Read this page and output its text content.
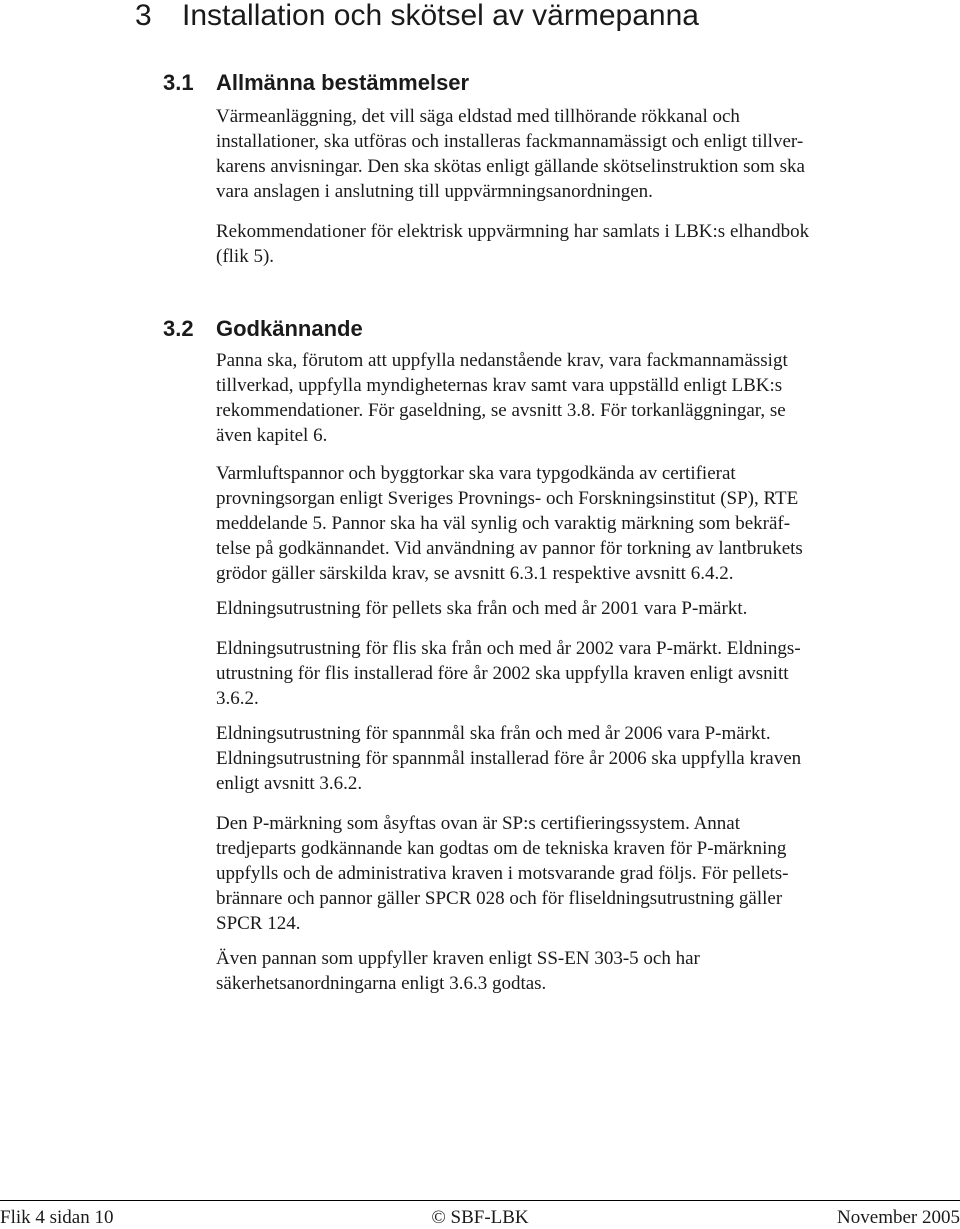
3 Installation och skötsel av värmepanna
3.1 Allmänna bestämmelser

Värmeanläggning, det vill säga eldstad med tillhörande rökkanal och
installationer, ska utföras och installeras fackmannamässigt och enligt tillver-
karens anvisningar. Den ska skötas enligt gällande skötselinstruktion som ska
vara anslagen i anslutning till uppvärmningsanordningen.

Rekommendationer för elektrisk uppvärmning har samlats i LBK:s elhandbok
(flik 5).

3.2 Godkännande

Panna ska, förutom att uppfylla nedanstående krav, vara fackmannamässigt
tillverkad, uppfylla myndigheternas krav samt vara uppställd enligt LBK:s
rekommendationer. För gaseldning, se avsnitt 3.8. För torkanläggningar, se
även kapitel 6.

Varmluftspannor och byggtorkar ska vara typgodkända av certifierat
provningsorgan enligt Sveriges Provnings- och Forskningsinstitut (SP), RTE
meddelande 5. Pannor ska ha väl synlig och varaktig märkning som bekräf-
telse på godkännandet. Vid användning av pannor för torkning av lantbrukets
grödor gäller särskilda krav, se avsnitt 6.3.1 respektive avsnitt 6.4.2.

Eldningsutrustning för pellets ska från och med år 2001 vara P-märkt.

Eldningsutrustning för flis ska från och med år 2002 vara P-märkt. Eldnings-
utrustning för flis installerad före år 2002 ska uppfylla kraven enligt avsnitt
3.6.2.

Eldningsutrustning för spannmål ska från och med år 2006 vara P-märkt.
Eldningsutrustning för spannmål installerad före år 2006 ska uppfylla kraven
enligt avsnitt 3.6.2.

Den P-märkning som åsyftas ovan är SP:s certifieringssystem. Annat
tredjeparts godkännande kan godtas om de tekniska kraven för P-märkning
uppfylls och de administrativa kraven i motsvarande grad följs. För pellets-
brännare och pannor gäller SPCR 028 och för fliseldningsutrustning gäller
SPCR 124.

Även pannan som uppfyller kraven enligt SS-EN 303-5 och har
säkerhetsanordningarna enligt 3.6.3 godtas.

Flik 4 sidan 10	© SBF-LBK	November 2005
